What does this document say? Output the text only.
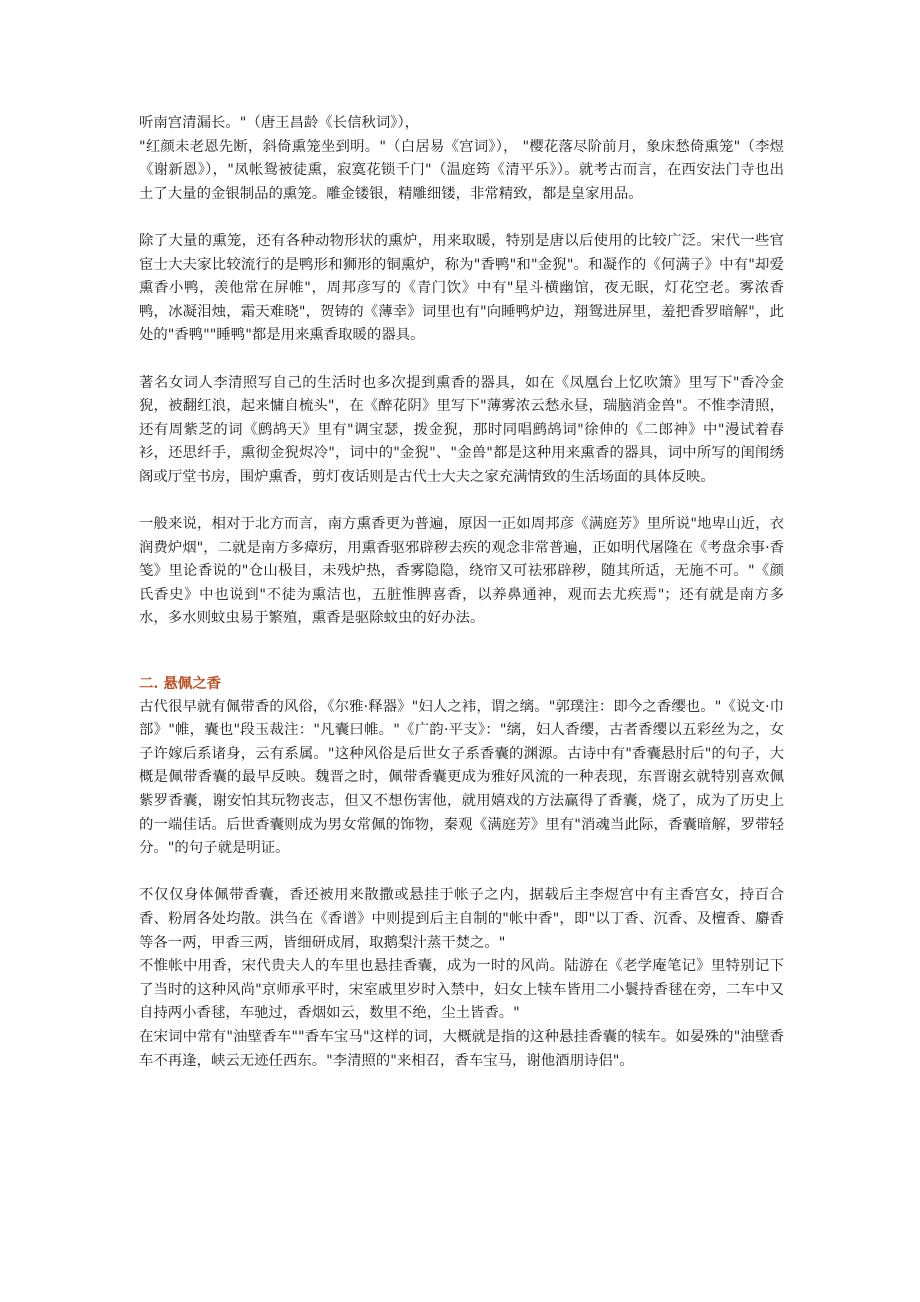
听南宫清漏长。"（唐王昌龄《长信秋词》），

"红颜未老恩先断，斜倚熏笼坐到明。"（白居易《宫词》）， "樱花落尽阶前月，象床愁倚熏笼"（李煜《谢新恩》），"凤帐鸳被徒熏，寂寞花锁千门"（温庭筠《清平乐》）。就考古而言，在西安法门寺也出土了大量的金银制品的熏笼。雕金镂银，精雕细镂，非常精致，都是皇家用品。

除了大量的熏笼，还有各种动物形状的熏炉，用来取暖，特别是唐以后使用的比较广泛。宋代一些官宦士大夫家比较流行的是鸭形和狮形的铜熏炉，称为"香鸭"和"金猊"。和凝作的《何满子》中有"却爱熏香小鸭，羡他常在屏帷"，周邦彦写的《青门饮》中有"星斗横幽馆，夜无眠，灯花空老。雾浓香鸭，冰凝泪烛，霜天难晓"，贺铸的《薄幸》词里也有"向睡鸭炉边，翔鸳进屏里，羞把香罗暗解"，此处的"香鸭""睡鸭"都是用来熏香取暖的器具。

著名女词人李清照写自己的生活时也多次提到熏香的器具，如在《凤凰台上忆吹箫》里写下"香冷金猊，被翻红浪，起来慵自梳头"，在《醉花阴》里写下"薄雾浓云愁永昼，瑞脑消金兽"。不惟李清照，还有周紫芝的词《鹧鸪天》里有"调宝瑟，拨金猊，那时同唱鹧鸪词"徐伸的《二郎神》中"漫试着春衫，还思纤手，熏彻金猊烬冷"，词中的"金猊"、"金兽"都是这种用来熏香的器具，词中所写的闺闱绣阁或厅堂书房，围炉熏香，剪灯夜话则是古代士大夫之家充满情致的生活场面的具体反映。

一般来说，相对于北方而言，南方熏香更为普遍，原因一正如周邦彦《满庭芳》里所说"地卑山近，衣润费炉烟"，二就是南方多瘴疠，用熏香驱邪辟秽去疾的观念非常普遍，正如明代屠隆在《考盘余事·香笺》里论香说的"仓山极目，未残炉热，香雾隐隐，绕帘又可祛邪辟秽，随其所适，无施不可。"《颜氏香史》中也说到"不徒为熏洁也，五脏惟脾喜香，以养鼻通神，观而去尤疾焉"；还有就是南方多水，多水则蚊虫易于繁殖，熏香是驱除蚊虫的好办法。

二. 悬佩之香

古代很早就有佩带香的风俗，《尔雅·释器》"妇人之袆，谓之缡。"郭璞注：即今之香缨也。"《说文·巾部》"帷，囊也"段玉裁注："凡囊曰帷。"《广韵·平支》："缡，妇人香缨，古者香缨以五彩丝为之，女子许嫁后系诸身，云有系属。"这种风俗是后世女子系香囊的渊源。古诗中有"香囊悬肘后"的句子，大概是佩带香囊的最早反映。魏晋之时，佩带香囊更成为雅好风流的一种表现，东晋谢玄就特别喜欢佩紫罗香囊，谢安怕其玩物丧志，但又不想伤害他，就用嬉戏的方法赢得了香囊，烧了，成为了历史上的一端佳话。后世香囊则成为男女常佩的饰物，秦观《满庭芳》里有"消魂当此际，香囊暗解，罗带轻分。"的句子就是明证。

不仅仅身体佩带香囊，香还被用来散撒或悬挂于帐子之内，据载后主李煜宫中有主香宫女，持百合香、粉屑各处均散。洪刍在《香谱》中则提到后主自制的"帐中香"，即"以丁香、沉香、及檀香、麝香等各一两，甲香三两，皆细研成屑，取鹅梨汁蒸干焚之。"

不惟帐中用香，宋代贵夫人的车里也悬挂香囊，成为一时的风尚。陆游在《老学庵笔记》里特别记下了当时的这种风尚"京师承平时，宋室戚里岁时入禁中，妇女上犊车皆用二小鬟持香毬在旁，二车中又自持两小香毬，车驰过，香烟如云，数里不绝，尘土皆香。"

在宋词中常有"油壁香车""香车宝马"这样的词，大概就是指的这种悬挂香囊的犊车。如晏殊的"油壁香车不再逢，峡云无迹任西东。"李清照的"来相召，香车宝马，谢他酒朋诗侣"。
